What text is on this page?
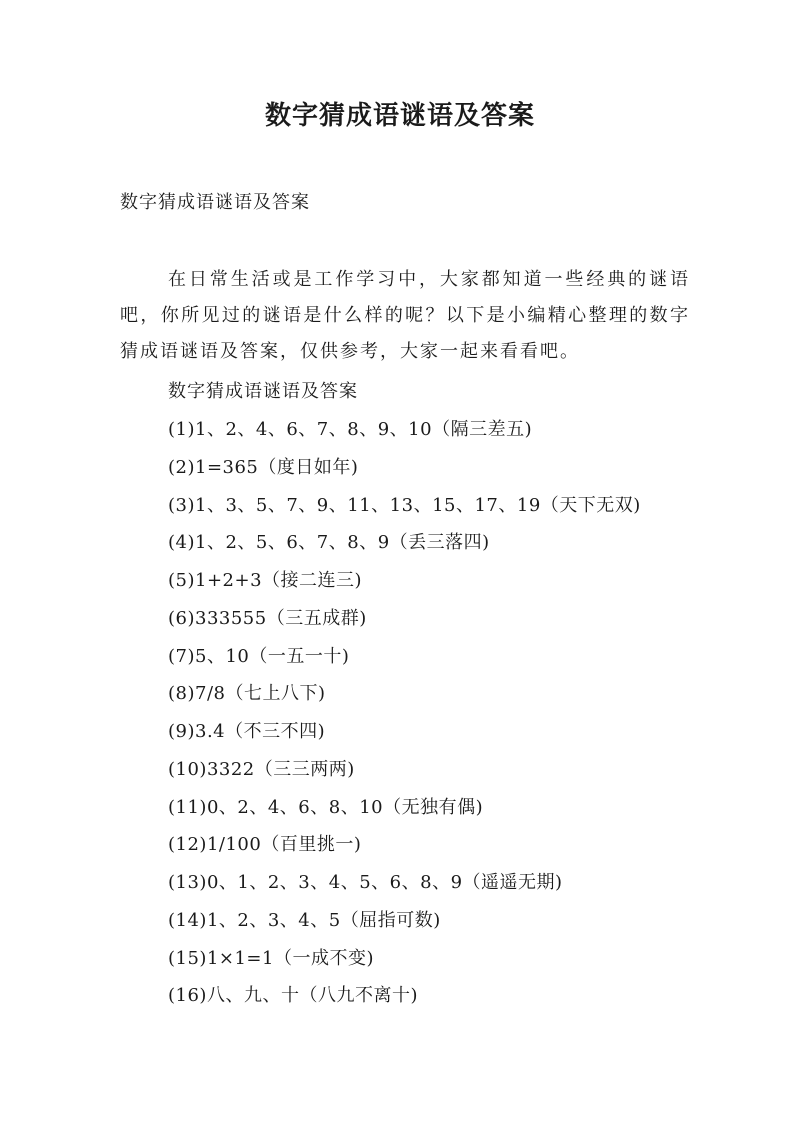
数字猜成语谜语及答案

数字猜成语谜语及答案

在日常生活或是工作学习中，大家都知道一些经典的谜语吧，你所见过的谜语是什么样的呢？以下是小编精心整理的数字猜成语谜语及答案，仅供参考，大家一起来看看吧。

数字猜成语谜语及答案

(1)1、2、4、6、7、8、9、10（隔三差五)
(2)1=365（度日如年)
(3)1、3、5、7、9、11、13、15、17、19（天下无双)
(4)1、2、5、6、7、8、9（丢三落四)
(5)1+2+3（接二连三)
(6)333555（三五成群)
(7)5、10（一五一十)
(8)7/8（七上八下)
(9)3.4（不三不四)
(10)3322（三三两两)
(11)0、2、4、6、8、10（无独有偶)
(12)1/100（百里挑一)
(13)0、1、2、3、4、5、6、8、9（遥遥无期)
(14)1、2、3、4、5（屈指可数)
(15)1×1=1（一成不变)
(16)八、九、十（八九不离十)
